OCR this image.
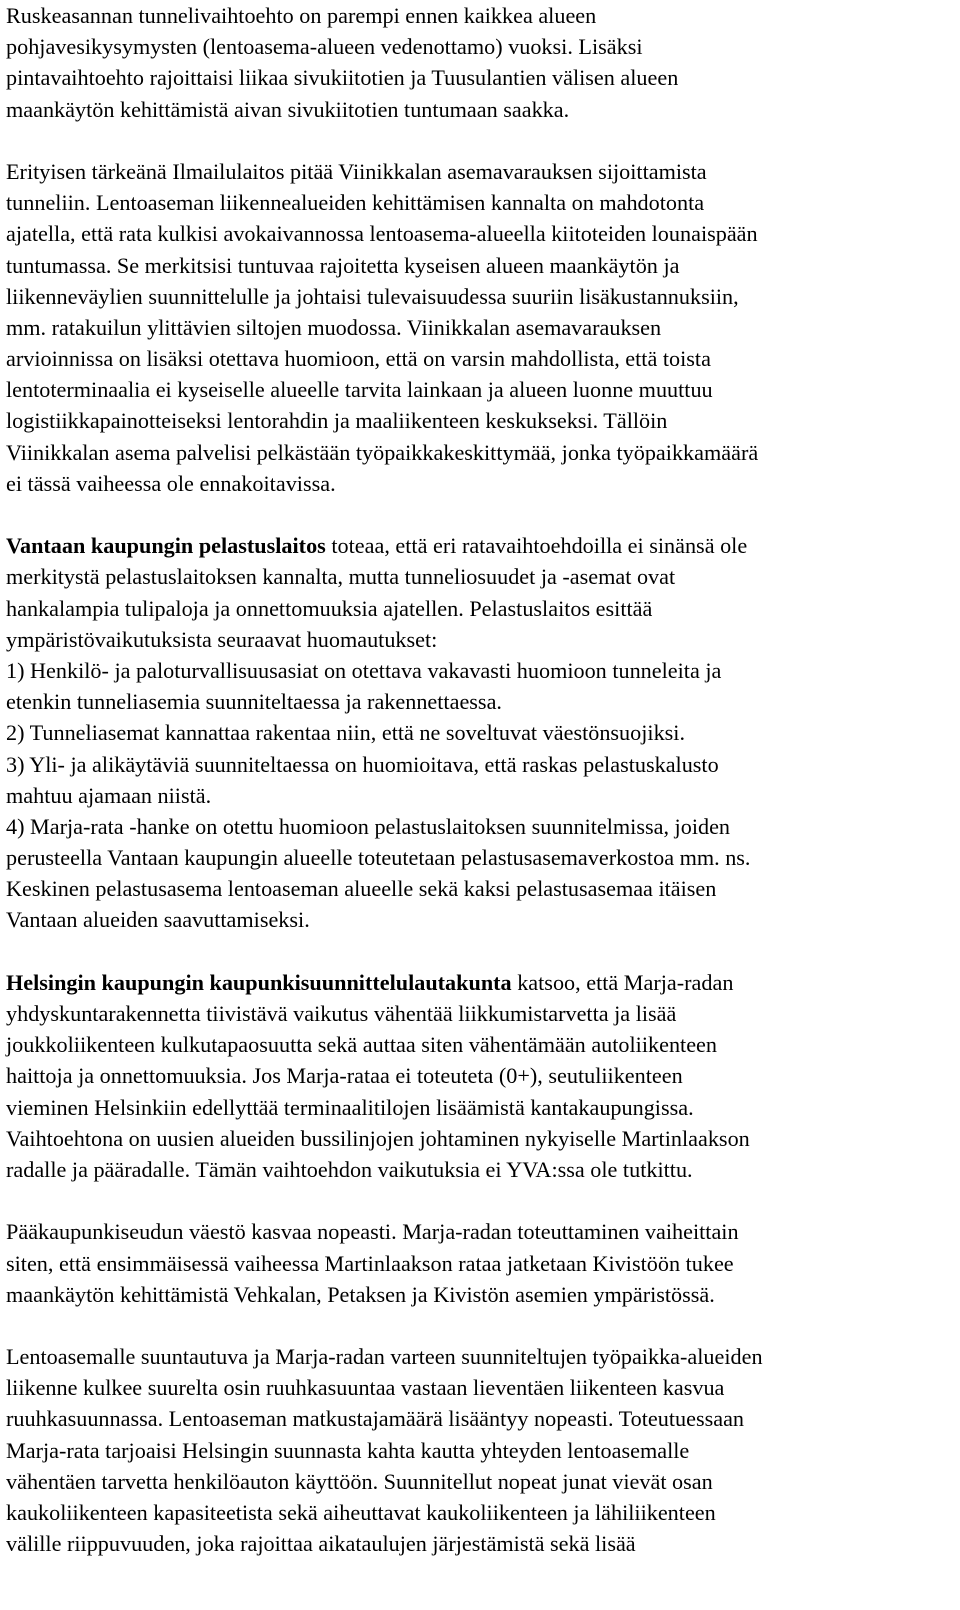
Ruskeasannan tunnelivaihtoehto on parempi ennen kaikkea alueen
pohjavesikysymysten (lentoasema-alueen vedenottamo) vuoksi. Lisäksi
pintavaihtoehto rajoittaisi liikaa sivukiitotien ja Tuusulantien välisen alueen
maankäytön kehittämistä aivan sivukiitotien tuntumaan saakka.
Erityisen tärkeänä Ilmailulaitos pitää Viinikkalan asemavarauksen sijoittamista
tunneliin. Lentoaseman liikennealueiden kehittämisen kannalta on mahdotonta
ajatella, että rata kulkisi avokaivannossa lentoasema-alueella kiitoteiden lounaispään
tuntumassa. Se merkitsisi tuntuvaa rajoitetta kyseisen alueen maankäytön ja
liikenneväylien suunnittelulle ja johtaisi tulevaisuudessa suuriin lisäkustannuksiin,
mm. ratakuilun ylittävien siltojen muodossa. Viinikkalan asemavarauksen
arvioinnissa on lisäksi otettava huomioon, että on varsin mahdollista, että toista
lentoterminaalia ei kyseiselle alueelle tarvita lainkaan ja alueen luonne muuttuu
logistiikkapainotteiseksi lentorahdin ja maaliikenteen keskukseksi. Tällöin
Viinikkalan asema palvelisi pelkästään työpaikkakeskittymää, jonka työpaikkamäärä
ei tässä vaiheessa ole ennakoitavissa.
Vantaan kaupungin pelastuslaitos toteaa, että eri ratavaihtoehdoilla ei sinänsä ole
merkitystä pelastuslaitoksen kannalta, mutta tunneliosuudet ja -asemat ovat
hankalampia tulipaloja ja onnettomuuksia ajatellen. Pelastuslaitos esittää
ympäristövaikutuksista seuraavat huomautukset:
1) Henkilö- ja paloturvallisuusasiat on otettava vakavasti huomioon tunneleita ja
etenkin tunneliasemia suunniteltaessa ja rakennettaessa.
2) Tunneliasemat kannattaa rakentaa niin, että ne soveltuvat väestönsuojiksi.
3) Yli- ja alikäytäviä suunniteltaessa on huomioitava, että raskas pelastuskalusto
mahtuu ajamaan niistä.
4) Marja-rata -hanke on otettu huomioon pelastuslaitoksen suunnitelmissa, joiden
perusteella Vantaan kaupungin alueelle toteutetaan pelastusasemaverkostoa mm. ns.
Keskinen pelastusasema lentoaseman alueelle sekä kaksi pelastusasemaa itäisen
Vantaan alueiden saavuttamiseksi.
Helsingin kaupungin kaupunkisuunnittelulautakunta katsoo, että Marja-radan
yhdyskuntarakennetta tiivistävä vaikutus vähentää liikkumistarvetta ja lisää
joukkoliikenteen kulkutapaosuutta sekä auttaa siten vähentämään autoliikenteen
haittoja ja onnettomuuksia. Jos Marja-rataa ei toteuteta (0+), seutuliikenteen
vieminen Helsinkiin edellyttää terminaalitilojen lisäämistä kantakaupungissa.
Vaihtoehtona on uusien alueiden bussilinjojen johtaminen nykyiselle Martinlaakson
radalle ja pääradalle. Tämän vaihtoehdon vaikutuksia ei YVA:ssa ole tutkittu.
Pääkaupunkiseudun väestö kasvaa nopeasti. Marja-radan toteuttaminen vaiheittain
siten, että ensimmäisessä vaiheessa Martinlaakson rataa jatketaan Kivistöön tukee
maankäytön kehittämistä Vehkalan, Petaksen ja Kivistön asemien ympäristössä.
Lentoasemalle suuntautuva ja Marja-radan varteen suunniteltujen työpaikka-alueiden
liikenne kulkee suurelta osin ruuhkasuuntaa vastaan lieventäen liikenteen kasvua
ruuhkasuunnassa. Lentoaseman matkustajamäärä lisääntyy nopeasti. Toteutuessaan
Marja-rata tarjoaisi Helsingin suunnasta kahta kautta yhteyden lentoasemalle
vähentäen tarvetta henkilöauton käyttöön. Suunnitellut nopeat junat vievät osan
kaukoliikenteen kapasiteetista sekä aiheuttavat kaukoliikenteen ja lähiliikenteen
välille riippuvuuden, joka rajoittaa aikataulujen järjestämistä sekä lisää
